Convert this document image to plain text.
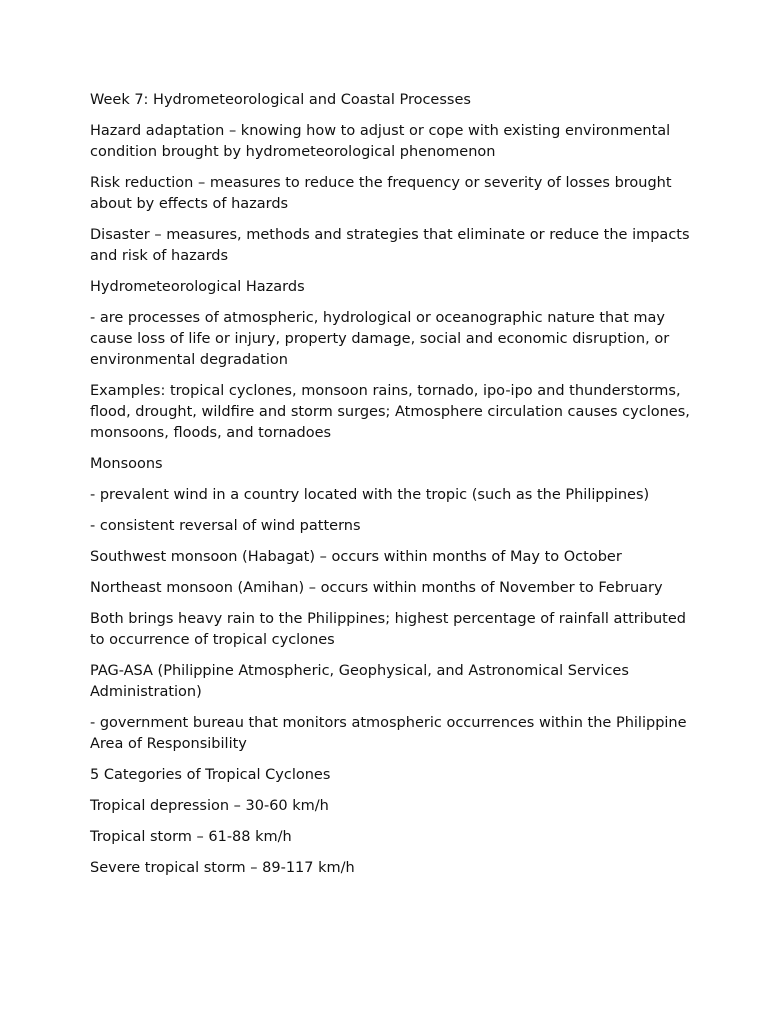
Week 7: Hydrometeorological and Coastal Processes

Hazard adaptation – knowing how to adjust or cope with existing environmental condition brought by hydrometeorological phenomenon

Risk reduction – measures to reduce the frequency or severity of losses brought about by effects of hazards

Disaster – measures, methods and strategies that eliminate or reduce the impacts and risk of hazards

Hydrometeorological Hazards

- are processes of atmospheric, hydrological or oceanographic nature that may cause loss of life or injury, property damage, social and economic disruption, or environmental degradation

Examples: tropical cyclones, monsoon rains, tornado, ipo-ipo and thunderstorms, flood, drought, wildfire and storm surges; Atmosphere circulation causes cyclones, monsoons, floods, and tornadoes

Monsoons

- prevalent wind in a country located with the tropic (such as the Philippines)

- consistent reversal of wind patterns

Southwest monsoon (Habagat) – occurs within months of May to October

Northeast monsoon (Amihan) – occurs within months of November to February

Both brings heavy rain to the Philippines; highest percentage of rainfall attributed to occurrence of tropical cyclones

PAG-ASA (Philippine Atmospheric, Geophysical, and Astronomical Services Administration)

- government bureau that monitors atmospheric occurrences within the Philippine Area of Responsibility

5 Categories of Tropical Cyclones

Tropical depression – 30-60 km/h

Tropical storm – 61-88 km/h

Severe tropical storm – 89-117 km/h
